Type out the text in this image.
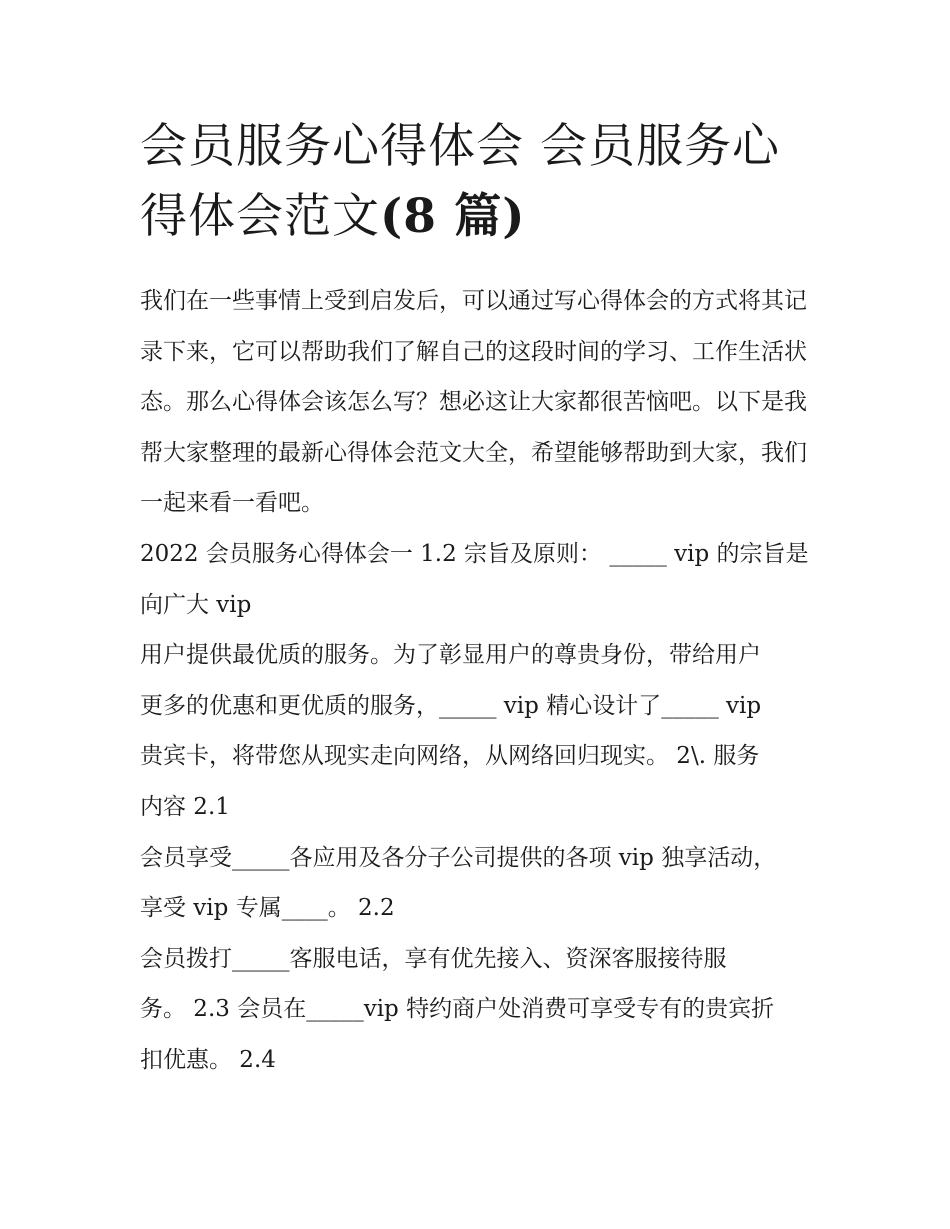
会员服务心得体会 会员服务心
得体会范文(8 篇)

我们在一些事情上受到启发后，可以通过写心得体会的方式将其记录下来，它可以帮助我们了解自己的这段时间的学习、工作生活状态。那么心得体会该怎么写？想必这让大家都很苦恼吧。以下是我帮大家整理的最新心得体会范文大全，希望能够帮助到大家，我们一起来看一看吧。

2022 会员服务心得体会一 1.2 宗旨及原则： _____ vip 的宗旨是
向广大 vip
用户提供最优质的服务。为了彰显用户的尊贵身份，带给用户
更多的优惠和更优质的服务，_____ vip 精心设计了_____ vip
贵宾卡，将带您从现实走向网络，从网络回归现实。 2\. 服务
内容 2.1
会员享受_____各应用及各分子公司提供的各项 vip 独享活动，
享受 vip 专属____。 2.2
会员拨打_____客服电话，享有优先接入、资深客服接待服
务。 2.3 会员在_____vip 特约商户处消费可享受专有的贵宾折
扣优惠。 2.4
